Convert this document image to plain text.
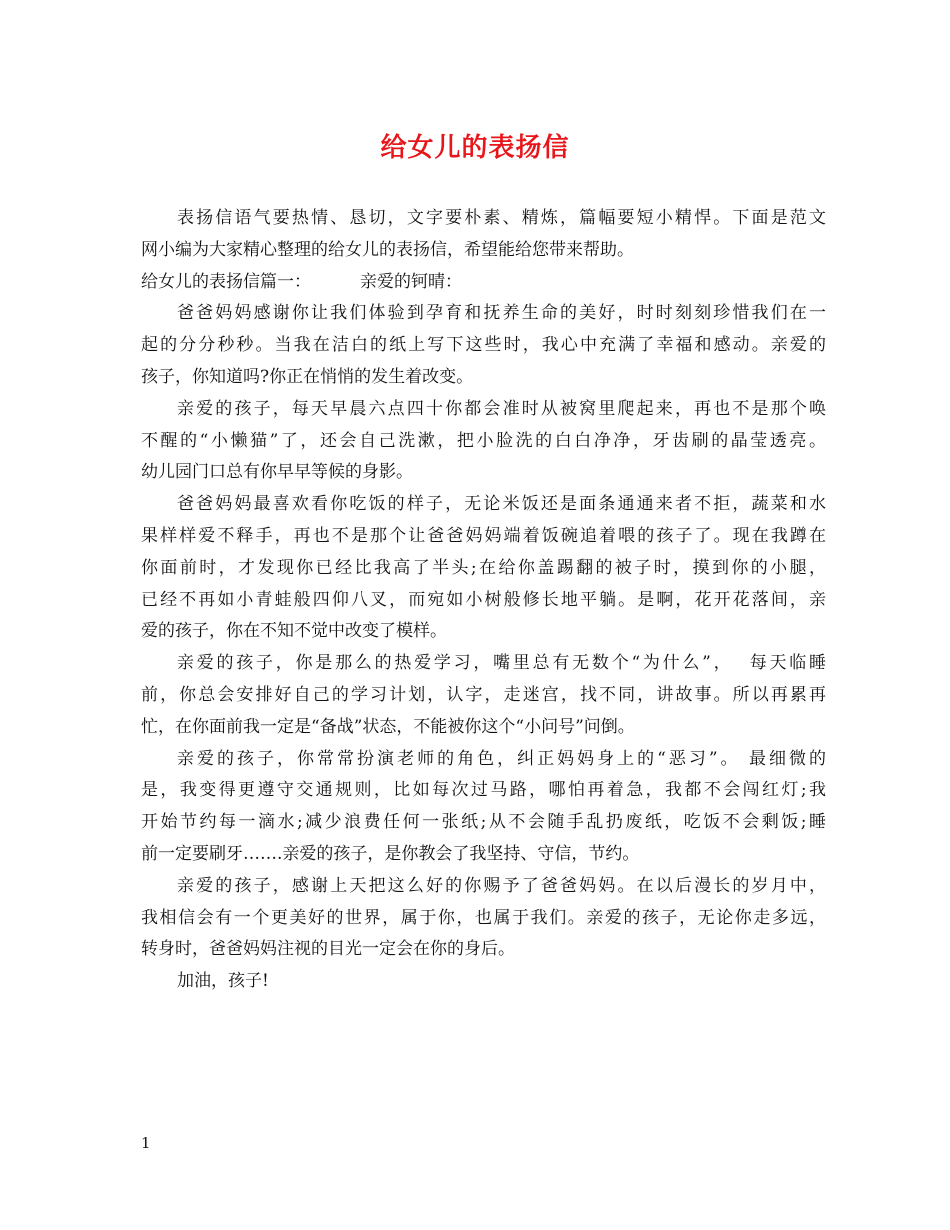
给女儿的表扬信
表扬信语气要热情、恳切，文字要朴素、精炼，篇幅要短小精悍。下面是范文
网小编为大家精心整理的给女儿的表扬信，希望能给您带来帮助。
给女儿的表扬信篇一：	亲爱的钶晴：
爸爸妈妈感谢你让我们体验到孕育和抚养生命的美好，时时刻刻珍惜我们在一
起的分分秒秒。当我在洁白的纸上写下这些时，我心中充满了幸福和感动。亲爱的
孩子，你知道吗?你正在悄悄的发生着改变。
亲爱的孩子，每天早晨六点四十你都会准时从被窝里爬起来，再也不是那个唤
不醒的“小懒猫”了，还会自己洗漱，把小脸洗的白白净净，牙齿刷的晶莹透亮。
幼儿园门口总有你早早等候的身影。
爸爸妈妈最喜欢看你吃饭的样子，无论米饭还是面条通通来者不拒，蔬菜和水
果样样爱不释手，再也不是那个让爸爸妈妈端着饭碗追着喂的孩子了。现在我蹲在
你面前时，才发现你已经比我高了半头;在给你盖踢翻的被子时，摸到你的小腿，
已经不再如小青蛙般四仰八叉，而宛如小树般修长地平躺。是啊，花开花落间，亲
爱的孩子，你在不知不觉中改变了模样。
亲爱的孩子，你是那么的热爱学习，嘴里总有无数个“为什么”，  每天临睡
前，你总会安排好自己的学习计划，认字，走迷宫，找不同，讲故事。所以再累再
忙，在你面前我一定是“备战”状态，不能被你这个“小问号”问倒。
亲爱的孩子，你常常扮演老师的角色，纠正妈妈身上的“恶习”。 最细微的
是，我变得更遵守交通规则，比如每次过马路，哪怕再着急，我都不会闯红灯;我
开始节约每一滴水;减少浪费任何一张纸;从不会随手乱扔废纸，吃饭不会剩饭;睡
前一定要刷牙…….亲爱的孩子，是你教会了我坚持、守信，节约。
亲爱的孩子，感谢上天把这么好的你赐予了爸爸妈妈。在以后漫长的岁月中，
我相信会有一个更美好的世界，属于你，也属于我们。亲爱的孩子，无论你走多远，
转身时，爸爸妈妈注视的目光一定会在你的身后。
加油，孩子!
1
